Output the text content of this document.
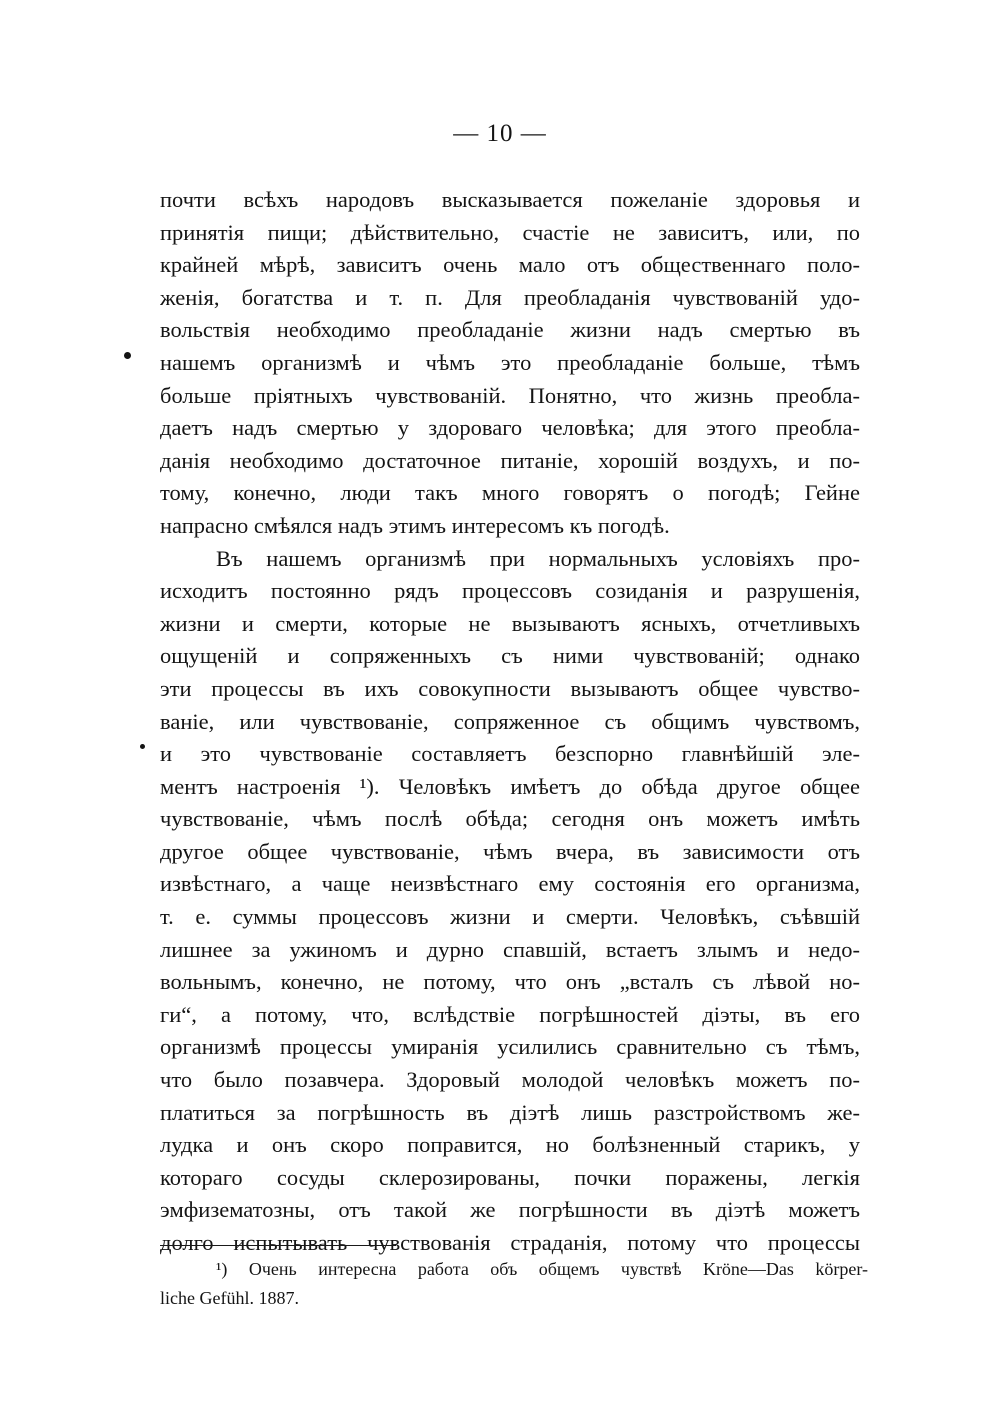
— 10 —
почти всѣхъ народовъ высказывается пожеланіе здоровья и
принятія пищи; дѣйствительно, счастіе не зависитъ, или, по
крайней мѣрѣ, зависитъ очень мало отъ общественнаго поло-
женія, богатства и т. п. Для преобладанія чувствованій удо-
вольствія необходимо преобладаніе жизни надъ смертью въ
нашемъ организмѣ и чѣмъ это преобладаніе больше, тѣмъ
больше пріятныхъ чувствованій. Понятно, что жизнь преобла-
даетъ надъ смертью у здороваго человѣка; для этого преобла-
данія необходимо достаточное питаніе, хорошій воздухъ, и по-
тому, конечно, люди такъ много говорятъ о погодѣ; Гейне
напрасно смѣялся надъ этимъ интересомъ къ погодѣ.
Въ нашемъ организмѣ при нормальныхъ условіяхъ про-
исходитъ постоянно рядъ процессовъ созиданія и разрушенія,
жизни и смерти, которые не вызываютъ ясныхъ, отчетливыхъ
ощущеній и сопряженныхъ съ ними чувствованій; однако
эти процессы въ ихъ совокупности вызываютъ общее чувство-
ваніе, или чувствованіе, сопряженное съ общимъ чувствомъ,
и это чувствованіе составляетъ безспорно главнѣйшій эле-
ментъ настроенія ¹). Человѣкъ имѣетъ до обѣда другое общее
чувствованіе, чѣмъ послѣ обѣда; сегодня онъ можетъ имѣть
другое общее чувствованіе, чѣмъ вчера, въ зависимости отъ
извѣстнаго, а чаще неизвѣстнаго ему состоянія его организма,
т. е. суммы процессовъ жизни и смерти. Человѣкъ, съѣвшій
лишнее за ужиномъ и дурно спавшій, встаетъ злымъ и недо-
вольнымъ, конечно, не потому, что онъ „всталъ съ лѣвой но-
ги“, а потому, что, вслѣдствіе погрѣшностей діэты, въ его
организмѣ процессы умиранія усилились сравнительно съ тѣмъ,
что было позавчера. Здоровый молодой человѣкъ можетъ по-
платиться за погрѣшность въ діэтѣ лишь разстройствомъ же-
лудка и онъ скоро поправится, но болѣзненный старикъ, у
котораго сосуды склерозированы, почки поражены, легкія
эмфизематозны, отъ такой же погрѣшности въ діэтѣ можетъ
долго испытывать чувствованія страданія, потому что процессы
¹) Очень интересна работа объ общемъ чувствѣ Kröne—Das körper-
liche Gefühl. 1887.
